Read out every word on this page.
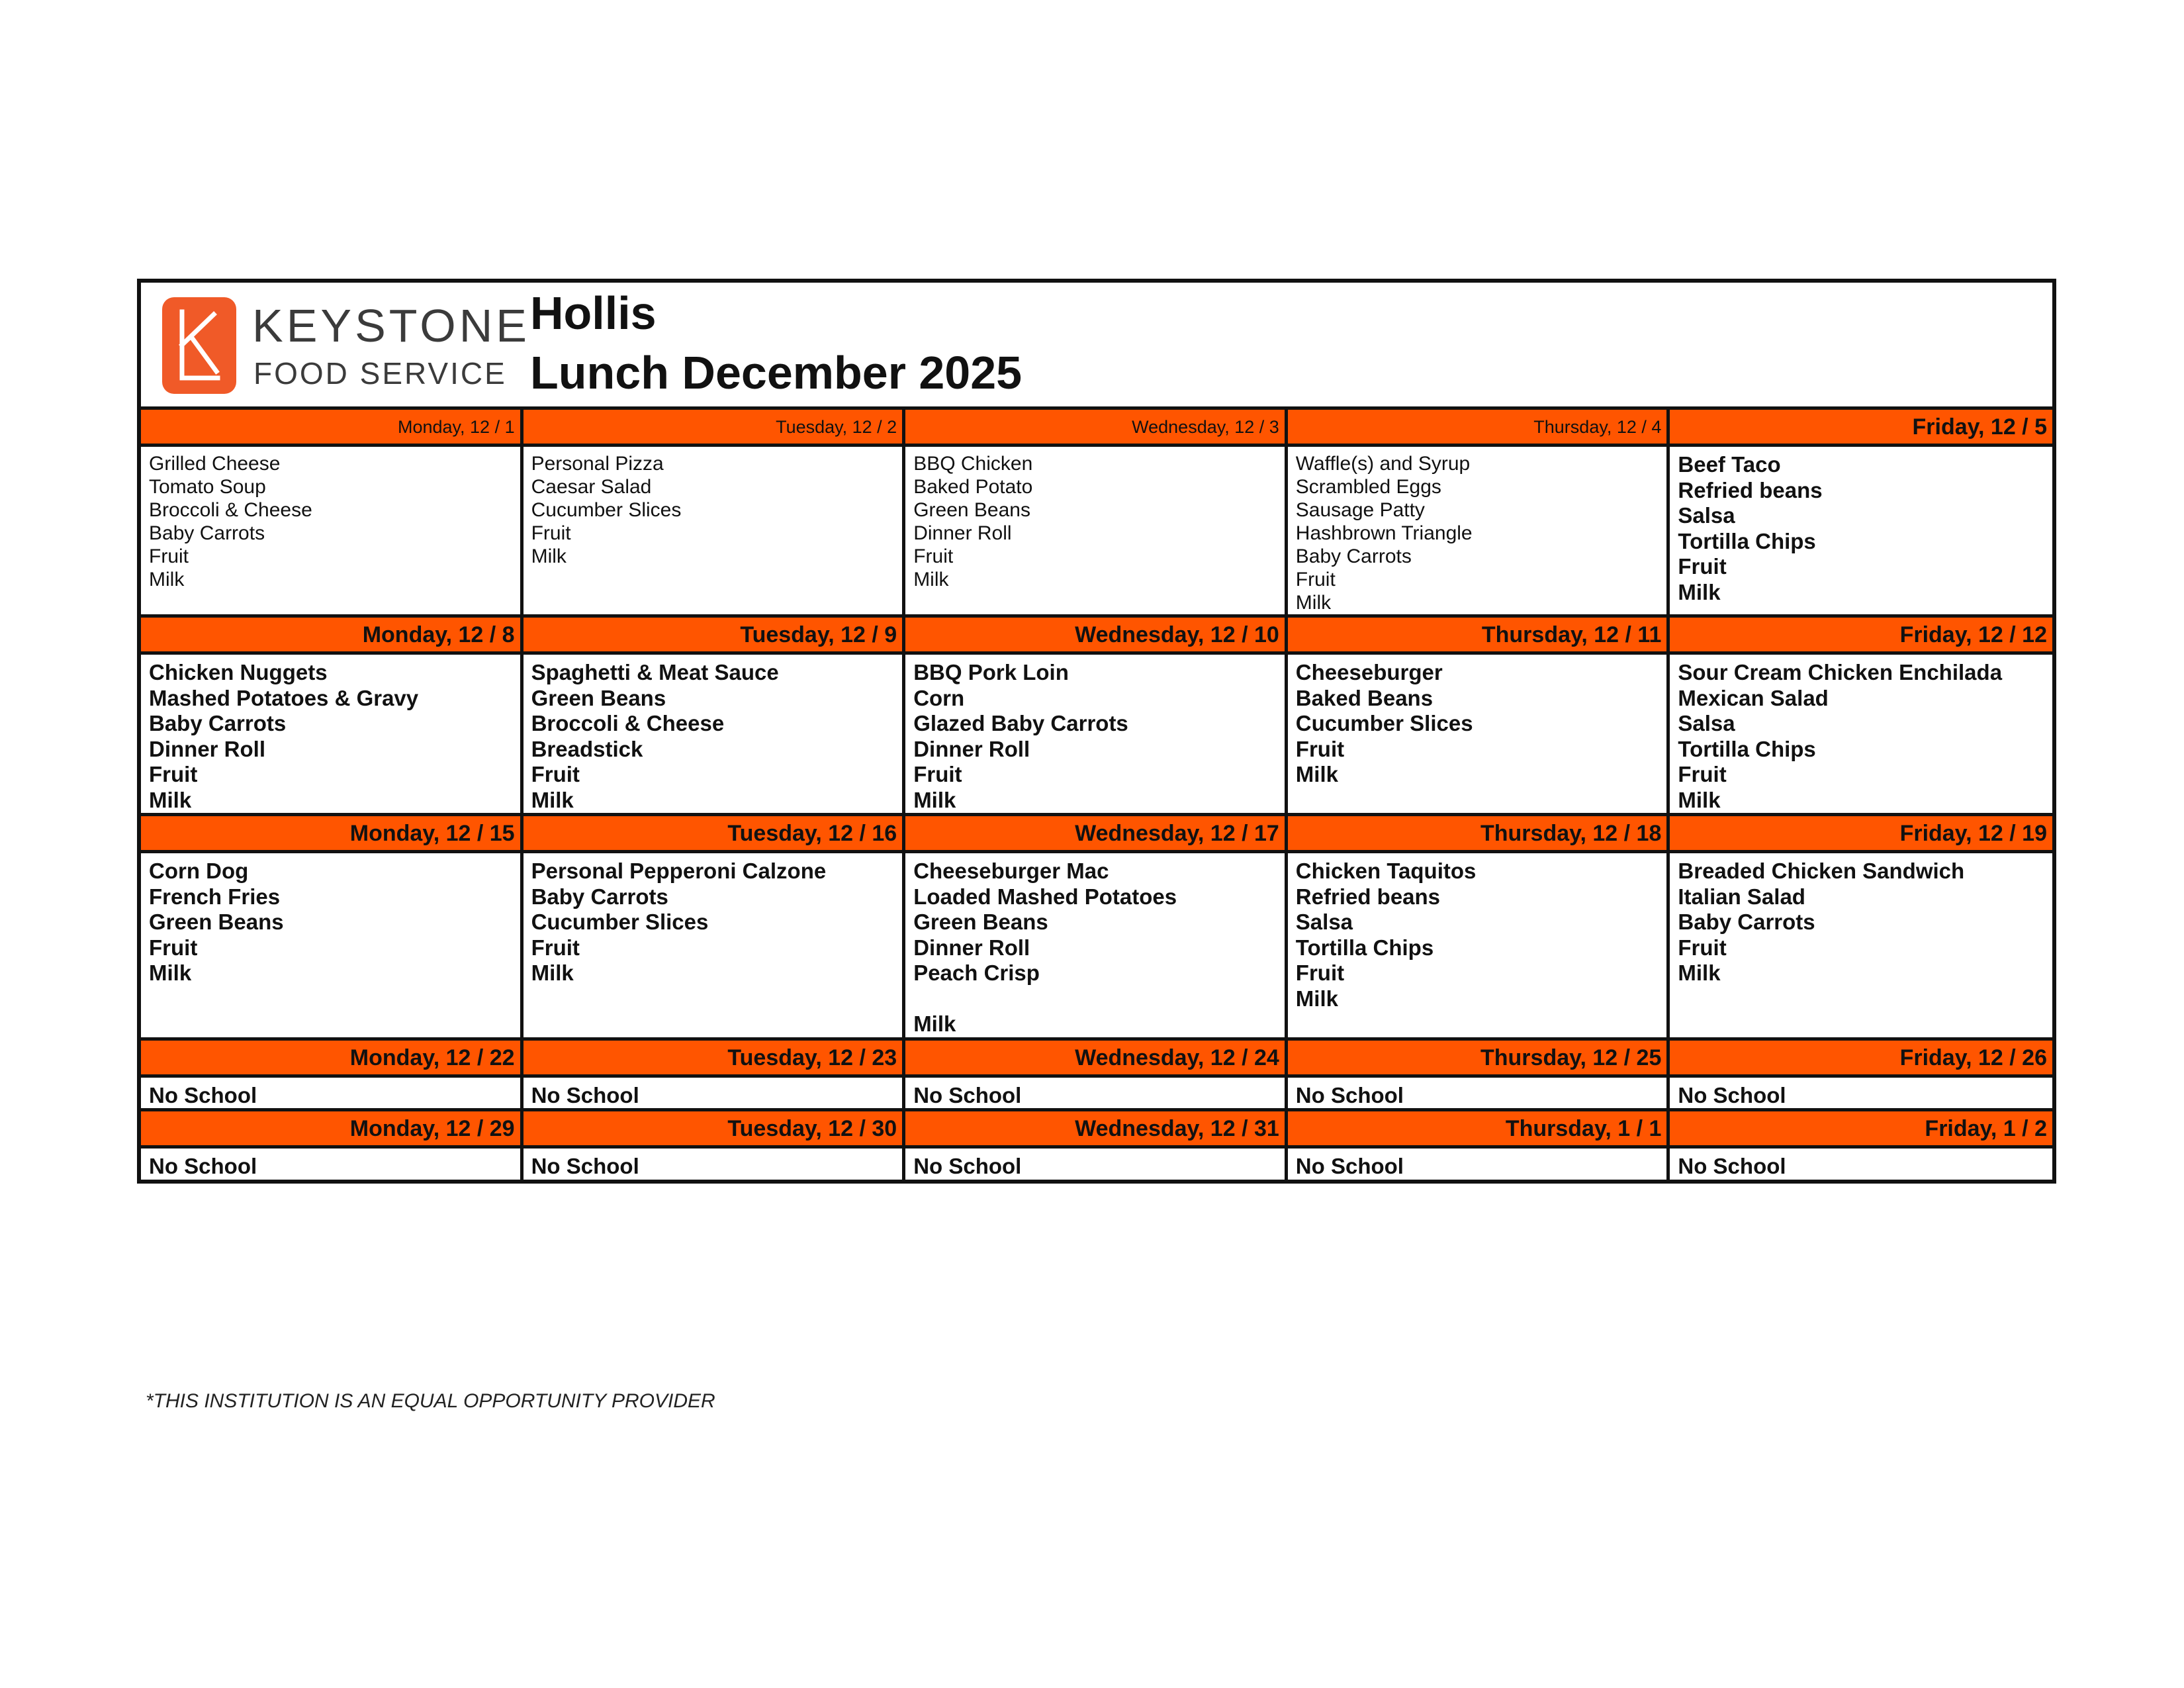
KEYSTONE
FOOD SERVICE
Hollis
Lunch December 2025
Monday, 12 / 1
Grilled Cheese
Tomato Soup
Broccoli & Cheese
Baby Carrots
Fruit
Milk
Tuesday, 12 / 2
Personal Pizza
Caesar Salad
Cucumber Slices
Fruit
Milk
Wednesday, 12 / 3
BBQ Chicken
Baked Potato
Green Beans
Dinner Roll
Fruit
Milk
Thursday, 12 / 4
Waffle(s) and Syrup
Scrambled Eggs
Sausage Patty
Hashbrown Triangle
Baby Carrots
Fruit
Milk
Friday, 12 / 5
Beef Taco
Refried beans
Salsa
Tortilla Chips
Fruit
Milk
Monday, 12 / 8
Chicken Nuggets
Mashed Potatoes & Gravy
Baby Carrots
Dinner Roll
Fruit
Milk
Tuesday, 12 / 9
Spaghetti & Meat Sauce
Green Beans
Broccoli & Cheese
Breadstick
Fruit
Milk
Wednesday, 12 / 10
BBQ Pork Loin
Corn
Glazed Baby Carrots
Dinner Roll
Fruit
Milk
Thursday, 12 / 11
Cheeseburger
Baked Beans
Cucumber Slices
Fruit
Milk
Friday, 12 / 12
Sour Cream Chicken Enchilada
Mexican Salad
Salsa
Tortilla Chips
Fruit
Milk
Monday, 12 / 15
Corn Dog
French Fries
Green Beans
Fruit
Milk
Tuesday, 12 / 16
Personal Pepperoni Calzone
Baby Carrots
Cucumber Slices
Fruit
Milk
Wednesday, 12 / 17
Cheeseburger Mac
Loaded Mashed Potatoes
Green Beans
Dinner Roll
Peach Crisp

Milk
Thursday, 12 / 18
Chicken Taquitos
Refried beans
Salsa
Tortilla Chips
Fruit
Milk
Friday, 12 / 19
Breaded Chicken Sandwich
Italian Salad
Baby Carrots
Fruit
Milk
Monday, 12 / 22
No School
Tuesday, 12 / 23
No School
Wednesday, 12 / 24
No School
Thursday, 12 / 25
No School
Friday, 12 / 26
No School
Monday, 12 / 29
No School
Tuesday, 12 / 30
No School
Wednesday, 12 / 31
No School
Thursday, 1 / 1
No School
Friday, 1 / 2
No School
*THIS INSTITUTION IS AN EQUAL OPPORTUNITY PROVIDER
